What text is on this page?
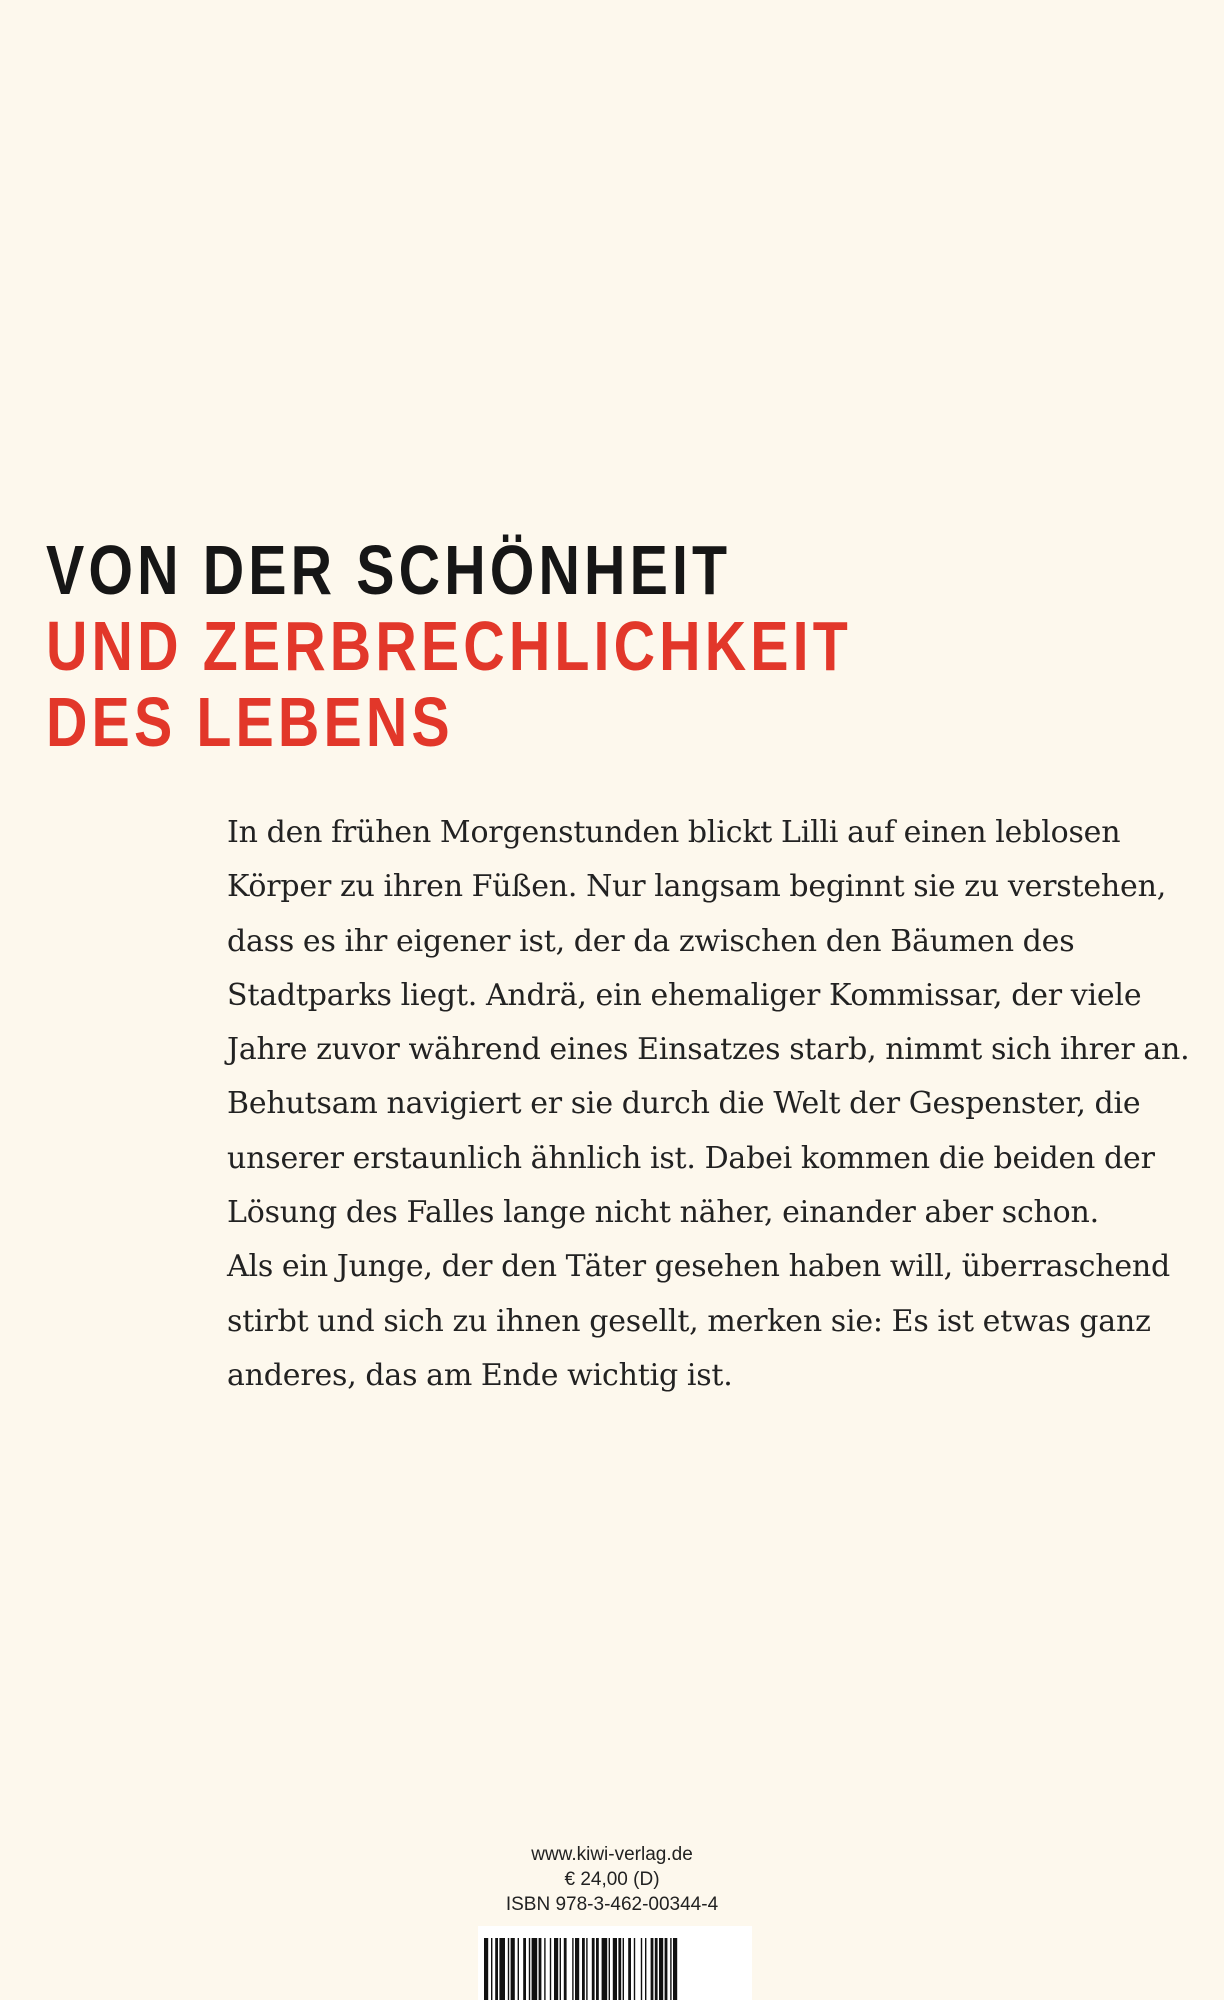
VON DER SCHÖNHEIT
UND ZERBRECHLICHKEIT
DES LEBENS

In den frühen Morgenstunden blickt Lilli auf einen leblosen
Körper zu ihren Füßen. Nur langsam beginnt sie zu verstehen,
dass es ihr eigener ist, der da zwischen den Bäumen des
Stadtparks liegt. Andrä, ein ehemaliger Kommissar, der viele
Jahre zuvor während eines Einsatzes starb, nimmt sich ihrer an.
Behutsam navigiert er sie durch die Welt der Gespenster, die
unserer erstaunlich ähnlich ist. Dabei kommen die beiden der
Lösung des Falles lange nicht näher, einander aber schon.
Als ein Junge, der den Täter gesehen haben will, überraschend
stirbt und sich zu ihnen gesellt, merken sie: Es ist etwas ganz
anderes, das am Ende wichtig ist.

www.kiwi-verlag.de
€ 24,00 (D)
ISBN 978-3-462-00344-4
